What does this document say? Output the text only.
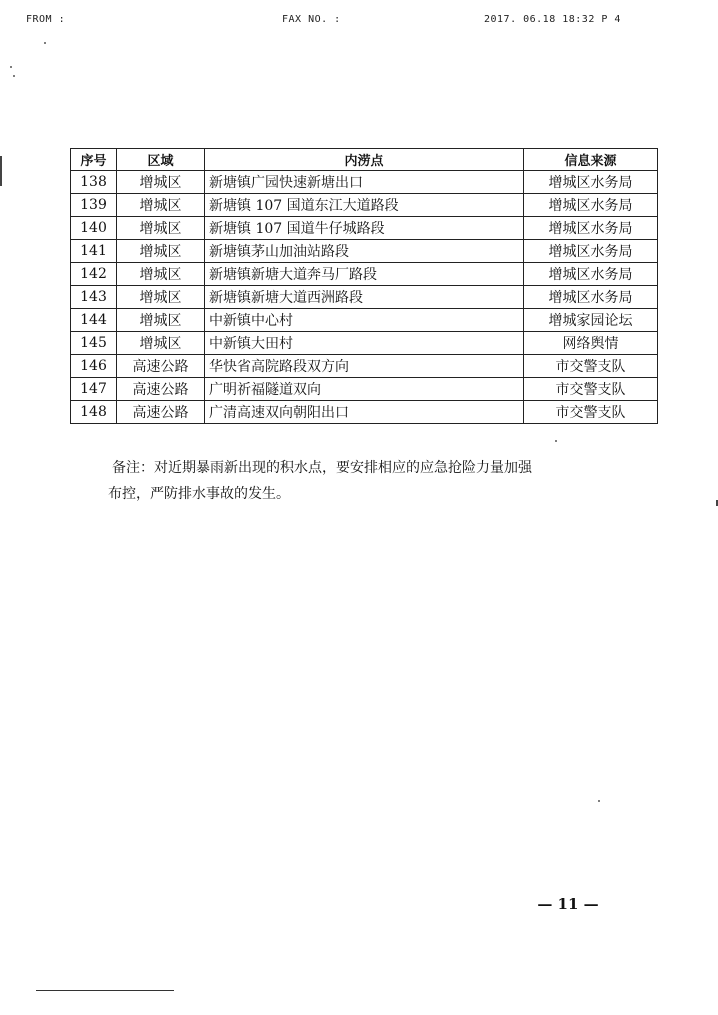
FROM :	FAX NO. :	2017. 06.18 18:32 P 4
序号	区域	内涝点	信息来源
138	增城区	新塘镇广园快速新塘出口	增城区水务局
139	增城区	新塘镇 107 国道东江大道路段	增城区水务局
140	增城区	新塘镇 107 国道牛仔城路段	增城区水务局
141	增城区	新塘镇茅山加油站路段	增城区水务局
142	增城区	新塘镇新塘大道奔马厂路段	增城区水务局
143	增城区	新塘镇新塘大道西洲路段	增城区水务局
144	增城区	中新镇中心村	增城家园论坛
145	增城区	中新镇大田村	网络舆情
146	高速公路	华快省高院路段双方向	市交警支队
147	高速公路	广明祈福隧道双向	市交警支队
148	高速公路	广清高速双向朝阳出口	市交警支队

备注：对近期暴雨新出现的积水点，要安排相应的应急抢险力量加强

布控，严防排水事故的发生。

— 11 —
